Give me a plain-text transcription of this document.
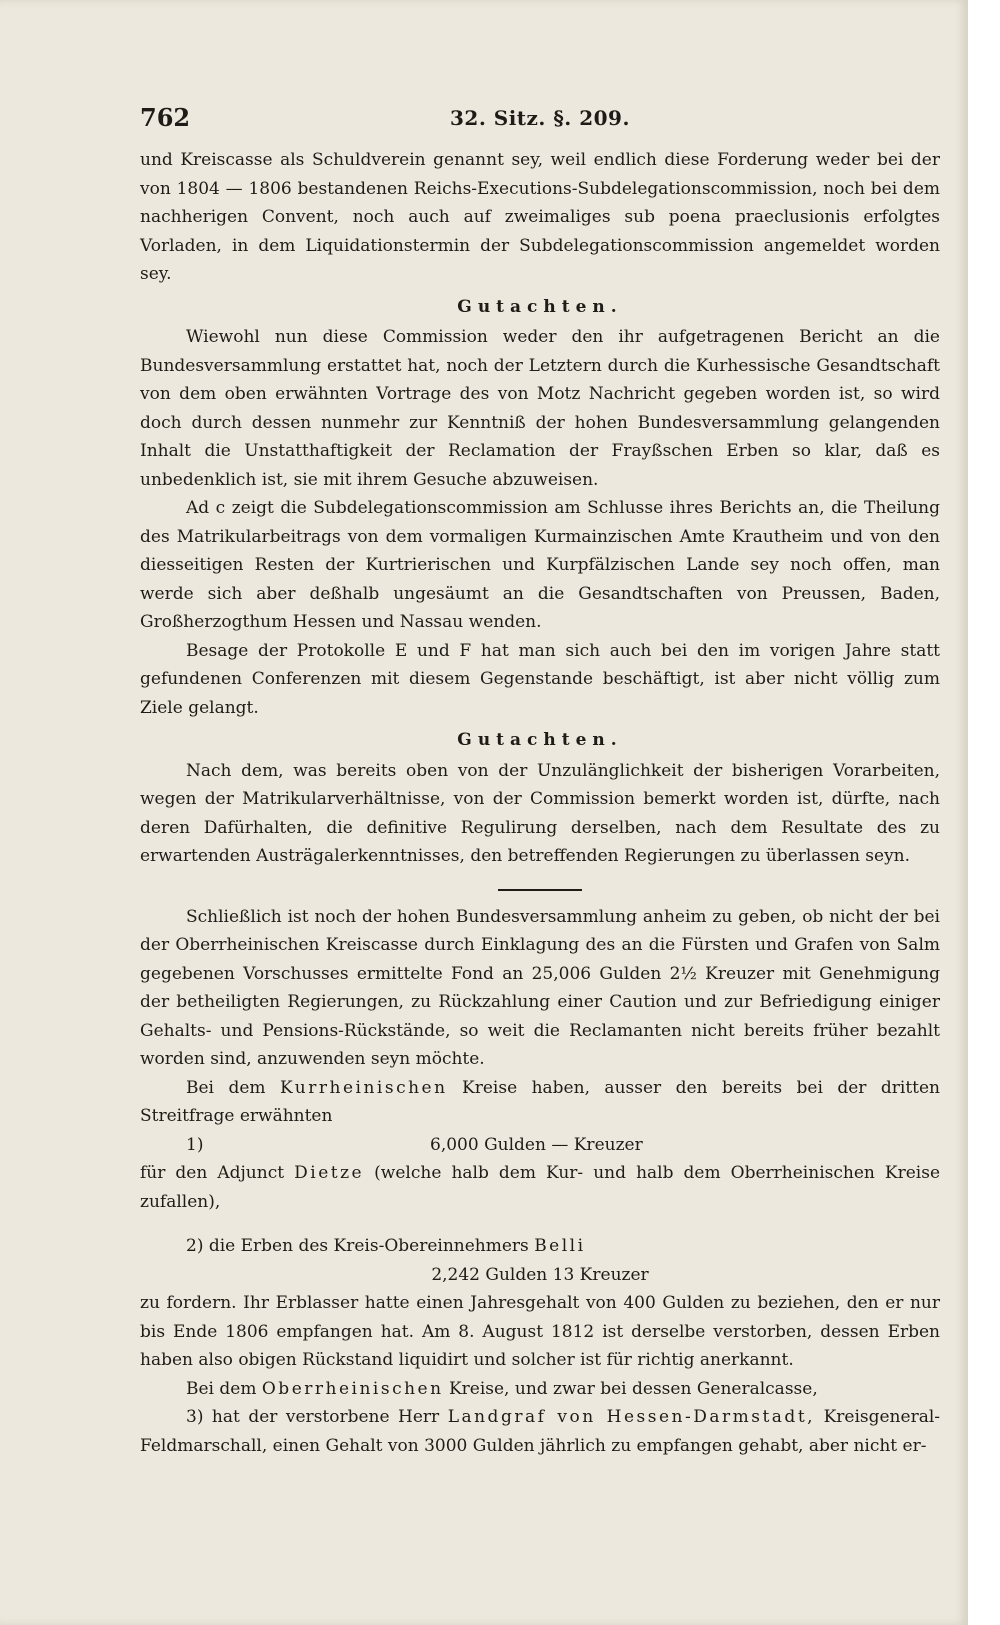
762	32. Sitz. §. 209.

und Kreiscasse als Schuldverein genannt sey, weil endlich diese Forderung weder bei der von 1804 — 1806 bestandenen Reichs-Executions-Subdelegationscommission, noch bei dem nachherigen Convent, noch auch auf zweimaliges sub poena praeclusionis erfolgtes Vorladen, in dem Liquidationstermin der Subdelegationscommission angemeldet worden sey.

Gutachten.

Wiewohl nun diese Commission weder den ihr aufgetragenen Bericht an die Bundesversammlung erstattet hat, noch der Letztern durch die Kurhessische Gesandtschaft von dem oben erwähnten Vortrage des von Motz Nachricht gegeben worden ist, so wird doch durch dessen nunmehr zur Kenntniß der hohen Bundesversammlung gelangenden Inhalt die Unstatthaftigkeit der Reclamation der Frayßschen Erben so klar, daß es unbedenklich ist, sie mit ihrem Gesuche abzuweisen.

Ad c zeigt die Subdelegationscommission am Schlusse ihres Berichts an, die Theilung des Matrikularbeitrags von dem vormaligen Kurmainzischen Amte Krautheim und von den diesseitigen Resten der Kurtrierischen und Kurpfälzischen Lande sey noch offen, man werde sich aber deßhalb ungesäumt an die Gesandtschaften von Preussen, Baden, Großherzogthum Hessen und Nassau wenden.

Besage der Protokolle E und F hat man sich auch bei den im vorigen Jahre statt gefundenen Conferenzen mit diesem Gegenstande beschäftigt, ist aber nicht völlig zum Ziele gelangt.

Gutachten.

Nach dem, was bereits oben von der Unzulänglichkeit der bisherigen Vorarbeiten, wegen der Matrikularverhältnisse, von der Commission bemerkt worden ist, dürfte, nach deren Dafürhalten, die definitive Regulirung derselben, nach dem Resultate des zu erwartenden Austrägalerkenntnisses, den betreffenden Regierungen zu überlassen seyn.

Schließlich ist noch der hohen Bundesversammlung anheim zu geben, ob nicht der bei der Oberrheinischen Kreiscasse durch Einklagung des an die Fürsten und Grafen von Salm gegebenen Vorschusses ermittelte Fond an 25,006 Gulden 2½ Kreuzer mit Genehmigung der betheiligten Regierungen, zu Rückzahlung einer Caution und zur Befriedigung einiger Gehalts- und Pensions-Rückstände, so weit die Reclamanten nicht bereits früher bezahlt worden sind, anzuwenden seyn möchte.

Bei dem Kurrheinischen Kreise haben, ausser den bereits bei der dritten Streitfrage erwähnten

1)	6,000 Gulden — Kreuzer

für den Adjunct Dietze (welche halb dem Kur- und halb dem Oberrheinischen Kreise zufallen),

2) die Erben des Kreis-Obereinnehmers Belli

2,242 Gulden 13 Kreuzer

zu fordern. Ihr Erblasser hatte einen Jahresgehalt von 400 Gulden zu beziehen, den er nur bis Ende 1806 empfangen hat. Am 8. August 1812 ist derselbe verstorben, dessen Erben haben also obigen Rückstand liquidirt und solcher ist für richtig anerkannt.

Bei dem Oberrheinischen Kreise, und zwar bei dessen Generalcasse,

3) hat der verstorbene Herr Landgraf von Hessen-Darmstadt, Kreisgeneral-Feldmarschall, einen Gehalt von 3000 Gulden jährlich zu empfangen gehabt, aber nicht er-
